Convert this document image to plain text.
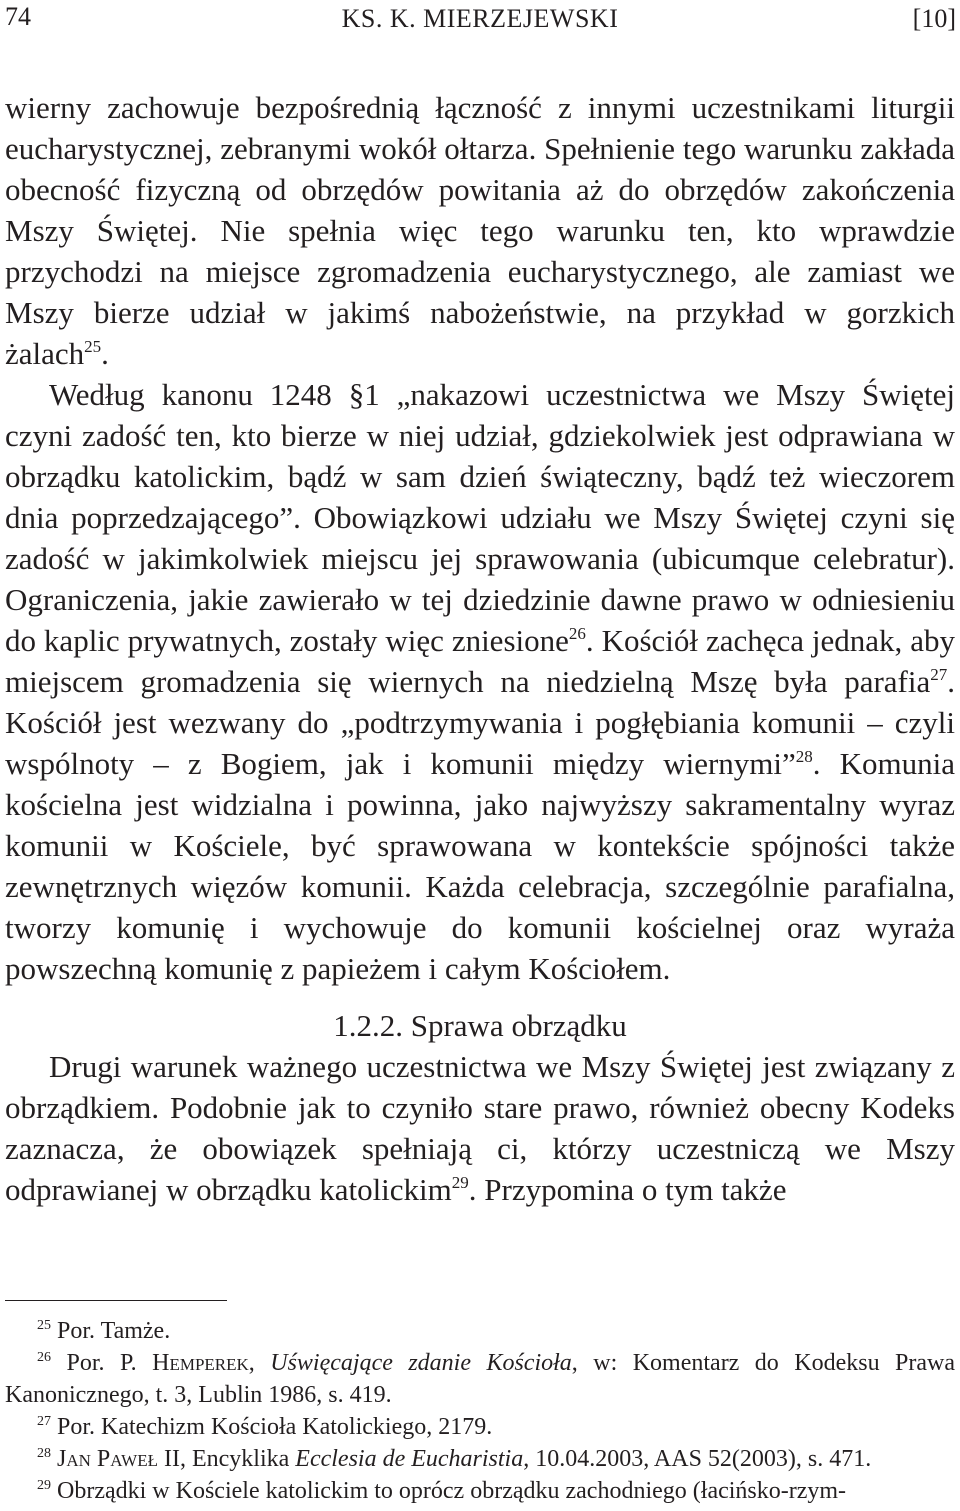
74	KS. K. MIERZEJEWSKI	[10]

wierny zachowuje bezpośrednią łączność z innymi uczestnikami liturgii eucharystycznej, zebranymi wokół ołtarza. Spełnienie tego warunku zakłada obecność fizyczną od obrzędów powitania aż do obrzędów zakończenia Mszy Świętej. Nie spełnia więc tego warunku ten, kto wprawdzie przychodzi na miejsce zgromadzenia eucharystycznego, ale zamiast we Mszy bierze udział w jakimś nabożeństwie, na przykład w gorzkich żalach$^{25}$.

Według kanonu 1248 §1 „nakazowi uczestnictwa we Mszy Świętej czyni zadość ten, kto bierze w niej udział, gdziekolwiek jest odprawiana w obrządku katolickim, bądź w sam dzień świąteczny, bądź też wieczorem dnia poprzedzającego”. Obowiązkowi udziału we Mszy Świętej czyni się zadość w jakimkolwiek miejscu jej sprawowania (ubicumque celebratur). Ograniczenia, jakie zawierało w tej dziedzinie dawne prawo w odniesieniu do kaplic prywatnych, zostały więc zniesione$^{26}$. Kościół zachęca jednak, aby miejscem gromadzenia się wiernych na niedzielną Mszę była parafia$^{27}$. Kościół jest wezwany do „podtrzymywania i pogłębiania komunii – czyli wspólnoty – z Bogiem, jak i komunii między wiernymi”$^{28}$. Komunia kościelna jest widzialna i powinna, jako najwyższy sakramentalny wyraz komunii w Kościele, być sprawowana w kontekście spójności także zewnętrznych więzów komunii. Każda celebracja, szczególnie parafialna, tworzy komunię i wychowuje do komunii kościelnej oraz wyraża powszechną komunię z papieżem i całym Kościołem.

1.2.2. Sprawa obrządku

Drugi warunek ważnego uczestnictwa we Mszy Świętej jest związany z obrządkiem. Podobnie jak to czyniło stare prawo, również obecny Kodeks zaznacza, że obowiązek spełniają ci, którzy uczestniczą we Mszy odprawianej w obrządku katolickim$^{29}$. Przypomina o tym także

$^{25}$ Por. Tamże.

$^{26}$ Por. P. Hemperek, Uświęcające zdanie Kościoła, w: Komentarz do Kodeksu Prawa Kanonicznego, t. 3, Lublin 1986, s. 419.

$^{27}$ Por. Katechizm Kościoła Katolickiego, 2179.

$^{28}$ Jan Paweł II, Encyklika Ecclesia de Eucharistia, 10.04.2003, AAS 52(2003), s. 471.

$^{29}$ Obrządki w Kościele katolickim to oprócz obrządku zachodniego (łacińsko-rzym-
